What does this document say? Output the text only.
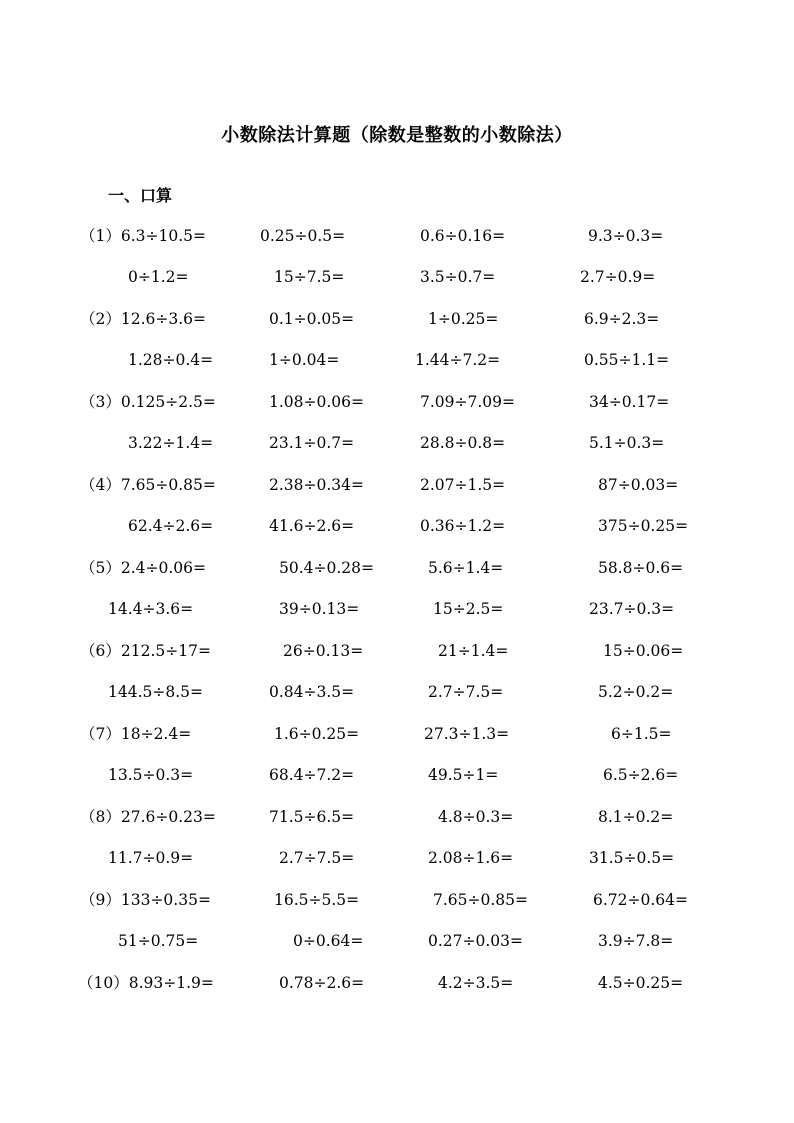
小数除法计算题（除数是整数的小数除法）
一、口算
（1）6.3÷10.5=	0.25÷0.5=	0.6÷0.16=	9.3÷0.3=
0÷1.2=	15÷7.5=	3.5÷0.7=	2.7÷0.9=
（2）12.6÷3.6=	0.1÷0.05=	1÷0.25=	6.9÷2.3=
1.28÷0.4=	1÷0.04=	1.44÷7.2=	0.55÷1.1=
（3）0.125÷2.5=	1.08÷0.06=	7.09÷7.09=	34÷0.17=
3.22÷1.4=	23.1÷0.7=	28.8÷0.8=	5.1÷0.3=
（4）7.65÷0.85=	2.38÷0.34=	2.07÷1.5=	87÷0.03=
62.4÷2.6=	41.6÷2.6=	0.36÷1.2=	375÷0.25=
（5）2.4÷0.06=	50.4÷0.28=	5.6÷1.4=	58.8÷0.6=
14.4÷3.6=	39÷0.13=	15÷2.5=	23.7÷0.3=
（6）212.5÷17=	26÷0.13=	21÷1.4=	15÷0.06=
144.5÷8.5=	0.84÷3.5=	2.7÷7.5=	5.2÷0.2=
（7）18÷2.4=	1.6÷0.25=	27.3÷1.3=	6÷1.5=
13.5÷0.3=	68.4÷7.2=	49.5÷1=	6.5÷2.6=
（8）27.6÷0.23=	71.5÷6.5=	4.8÷0.3=	8.1÷0.2=
11.7÷0.9=	2.7÷7.5=	2.08÷1.6=	31.5÷0.5=
（9）133÷0.35=	16.5÷5.5=	7.65÷0.85=	6.72÷0.64=
51÷0.75=	0÷0.64=	0.27÷0.03=	3.9÷7.8=
（10）8.93÷1.9=	0.78÷2.6=	4.2÷3.5=	4.5÷0.25=
